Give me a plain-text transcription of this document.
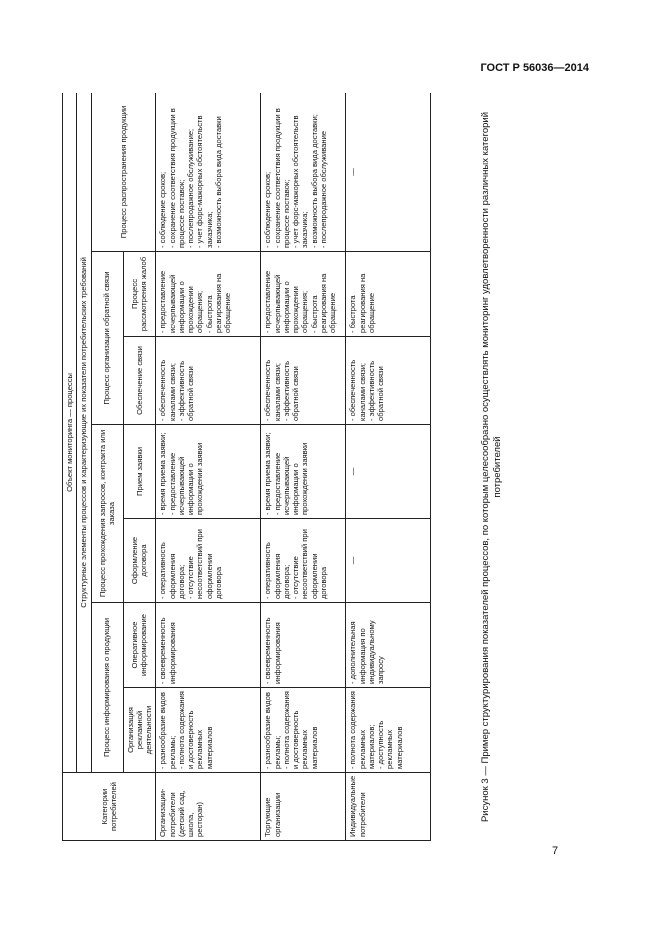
ГОСТ Р 56036—2014
Категории потребителей	Объект мониторинга — процессы						
	Структурные элементы процессов и характеризующие их показатели потребительских требований						
	Процесс информирования о продукции		Процесс прохождения запросов, контракта или заказа		Процесс организации обратной связи		Процесс распространения продукции
	Организация рекламной деятельности	Оперативное информирование	Оформление договора	Прием заявки	Обеспечение связи	Процесс рассмотрения жалоб	

Организации-потребители (детский сад, школа, ресторан)	- разнообразие видов рекламы; - полнота содержания и достоверность рекламных материалов	- своевременность информирования	- оперативность оформления договора; - отсутствие несоответствий при оформлении договора	- время приема заявки; - предоставление исчерпывающей информации о прохождении заявки	- обеспеченность каналами связи; - эффективность обратной связи	- предоставление исчерпывающей информации о прохождении обращения; - быстрота реагирования на обращение	- соблюдение сроков; - сохранение соответствия продукции в процессе поставок; - послепродажное обслуживание; - учет форс-мажорных обстоятельств заказчика; - возможность выбора вида доставки

Торгующие организации	- разнообразие видов рекламы; - полнота содержания и достоверность рекламных материалов	- своевременность информирования	- оперативность оформления договора; - отсутствие несоответствий при оформлении договора	- время приема заявки; - предоставление исчерпывающей информации о прохождении заявки	- обеспеченность каналами связи; - эффективность обратной связи	- предоставление исчерпывающей информации о прохождении обращения; - быстрота реагирования на обращение	- соблюдение сроков; - сохранение соответствия продукции в процессе поставок; - учет форс-мажорных обстоятельств заказчика; - возможность выбора вида доставки; - послепродажное обслуживание

Индивидуальные потребители	- полнота содержания рекламных материалов; - доступность рекламных материалов	- дополнительная информация по индивидуальному запросу	—	—	- обеспеченность каналами связи; - эффективность обратной связи	- быстрота реагирования на обращение	—	Рисунок 3 — Пример структурирования показателей процессов, по которым целесообразно осуществлять мониторинг удовлетворенности различных категорий потребителей
7
